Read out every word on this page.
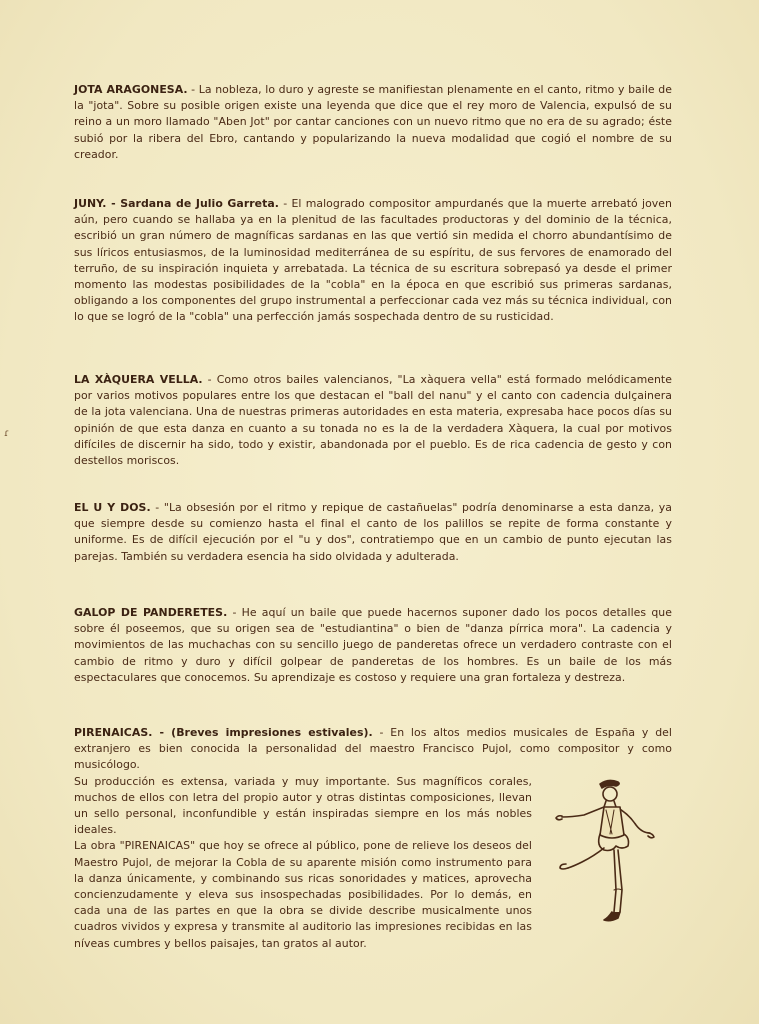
JOTA ARAGONESA. - La nobleza, lo duro y agreste se manifiestan plenamente en el canto, ritmo y baile de la "jota". Sobre su posible origen existe una leyenda que dice que el rey moro de Valencia, expulsó de su reino a un moro llamado "Aben Jot" por cantar canciones con un nuevo ritmo que no era de su agrado; éste subió por la ribera del Ebro, cantando y popularizando la nueva modalidad que cogió el nombre de su creador.
JUNY. - Sardana de Julio Garreta. - El malogrado compositor ampurdanés que la muerte arrebató joven aún, pero cuando se hallaba ya en la plenitud de las facultades productoras y del dominio de la técnica, escribió un gran número de magníficas sardanas en las que vertió sin medida el chorro abundantísimo de sus líricos entusiasmos, de la luminosidad mediterránea de su espíritu, de sus fervores de enamorado del terruño, de su inspiración inquieta y arrebatada. La técnica de su escritura sobrepasó ya desde el primer momento las modestas posibilidades de la "cobla" en la época en que escribió sus primeras sardanas, obligando a los componentes del grupo instrumental a perfeccionar cada vez más su técnica individual, con lo que se logró de la "cobla" una perfección jamás sospechada dentro de su rusticidad.
LA XÀQUERA VELLA. - Como otros bailes valencianos, "La xàquera vella" está formado melódicamente por varios motivos populares entre los que destacan el "ball del nanu" y el canto con cadencia dulçainera de la jota valenciana. Una de nuestras primeras autoridades en esta materia, expresaba hace pocos días su opinión de que esta danza en cuanto a su tonada no es la de la verdadera Xàquera, la cual por motivos difíciles de discernir ha sido, todo y existir, abandonada por el pueblo. Es de rica cadencia de gesto y con destellos moriscos.
EL U Y DOS. - "La obsesión por el ritmo y repique de castañuelas" podría denominarse a esta danza, ya que siempre desde su comienzo hasta el final el canto de los palillos se repite de forma constante y uniforme. Es de difícil ejecución por el "u y dos", contratiempo que en un cambio de punto ejecutan las parejas. También su verdadera esencia ha sido olvidada y adulterada.
GALOP DE PANDERETES. - He aquí un baile que puede hacernos suponer dado los pocos detalles que sobre él poseemos, que su origen sea de "estudiantina" o bien de "danza pírrica mora". La cadencia y movimientos de las muchachas con su sencillo juego de panderetas ofrece un verdadero contraste con el cambio de ritmo y duro y difícil golpear de panderetas de los hombres. Es un baile de los más espectaculares que conocemos. Su aprendizaje es costoso y requiere una gran fortaleza y destreza.
PIRENAICAS. - (Breves impresiones estivales). - En los altos medios musicales de España y del extranjero es bien conocida la personalidad del maestro Francisco Pujol, como compositor y como musicólogo.
Su producción es extensa, variada y muy importante. Sus magníficos corales, muchos de ellos con letra del propio autor y otras distintas composiciones, llevan un sello personal, inconfundible y están inspiradas siempre en los más nobles ideales.
La obra "PIRENAICAS" que hoy se ofrece al público, pone de relieve los deseos del Maestro Pujol, de mejorar la Cobla de su aparente misión como instrumento para la danza únicamente, y combinando sus ricas sonoridades y matices, aprovecha concienzudamente y eleva sus insospechadas posibilidades. Por lo demás, en cada una de las partes en que la obra se divide describe musicalmente unos cuadros vividos y expresa y transmite al auditorio las impresiones recibidas en las níveas cumbres y bellos paisajes, tan gratos al autor.
ɾ
